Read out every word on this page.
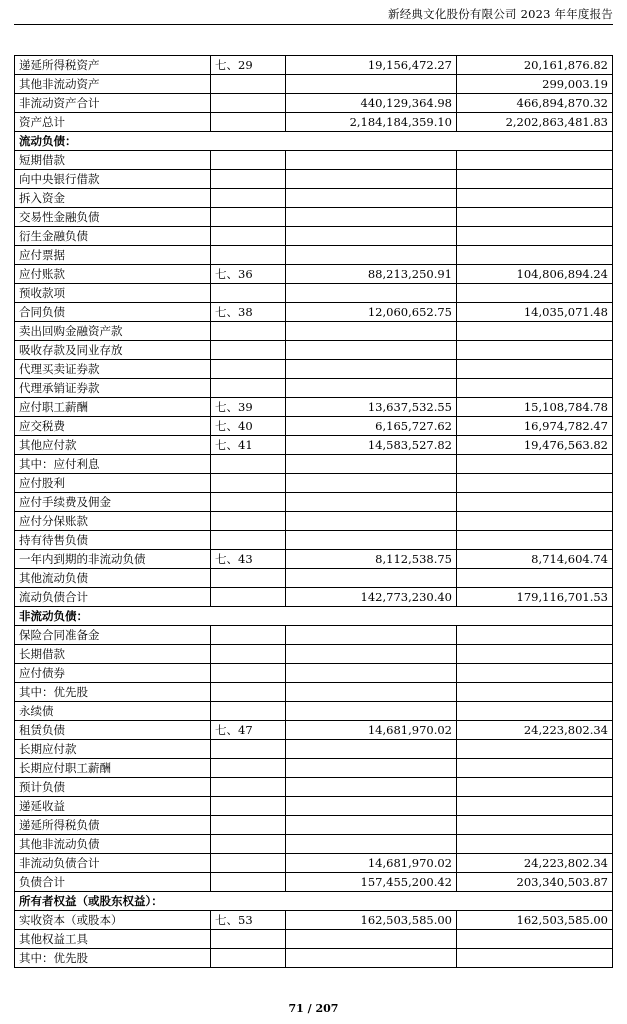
新经典文化股份有限公司 2023 年年度报告
递延所得税资产	七、29	19,156,472.27	20,161,876.82
其他非流动资产			299,003.19
非流动资产合计		440,129,364.98	466,894,870.32
资产总计		2,184,184,359.10	2,202,863,481.83
流动负债：			
短期借款			
向中央银行借款			
拆入资金			
交易性金融负债			
衍生金融负债			
应付票据			
应付账款	七、36	88,213,250.91	104,806,894.24
预收款项			
合同负债	七、38	12,060,652.75	14,035,071.48
卖出回购金融资产款			
吸收存款及同业存放			
代理买卖证券款			
代理承销证券款			
应付职工薪酬	七、39	13,637,532.55	15,108,784.78
应交税费	七、40	6,165,727.62	16,974,782.47
其他应付款	七、41	14,583,527.82	19,476,563.82
其中：应付利息			
应付股利			
应付手续费及佣金			
应付分保账款			
持有待售负债			
一年内到期的非流动负债	七、43	8,112,538.75	8,714,604.74
其他流动负债			
流动负债合计		142,773,230.40	179,116,701.53
非流动负债：			
保险合同准备金			
长期借款			
应付债券			
其中：优先股			
永续债			
租赁负债	七、47	14,681,970.02	24,223,802.34
长期应付款			
长期应付职工薪酬			
预计负债			
递延收益			
递延所得税负债			
其他非流动负债			
非流动负债合计		14,681,970.02	24,223,802.34
负债合计		157,455,200.42	203,340,503.87
所有者权益（或股东权益）：			
实收资本（或股本）	七、53	162,503,585.00	162,503,585.00
其他权益工具			
其中：优先股			
71 / 207
